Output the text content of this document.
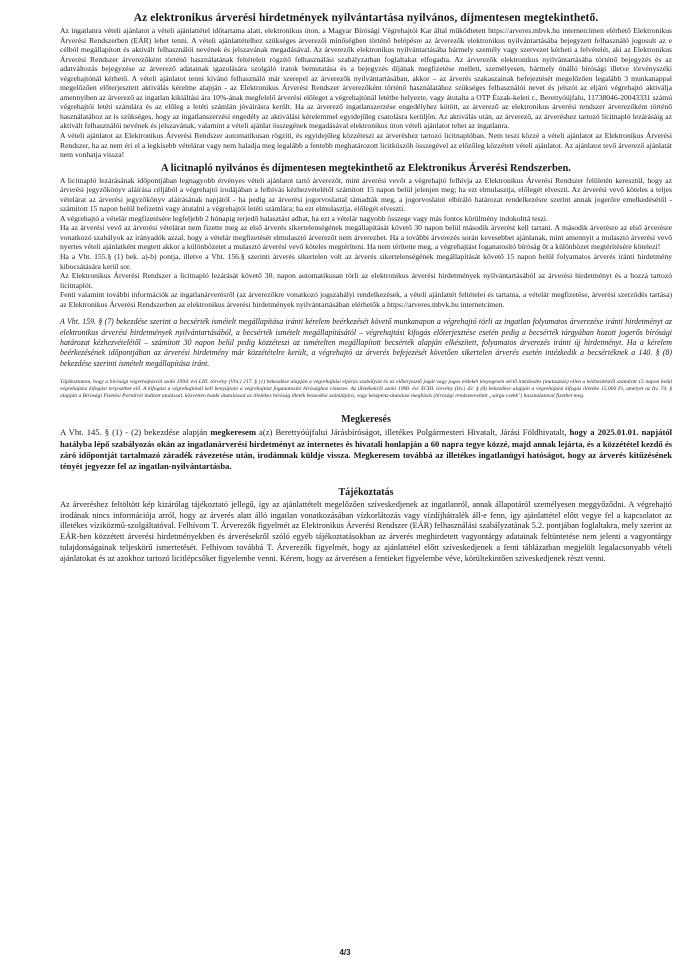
Az elektronikus árverési hirdetmények nyilvántartása nyilvános, díjmentesen megtekinthető.

Az ingatlanra vételi ajánlatot a vételi ajánlattétel időtartama alatt, elektronikus úton, a Magyar Bírósági Végrehajtói Kar által működtetett https://arveres.mbvk.hu internetcímen elérhető Elektronikus Árverési Rendszerben (EÁR) lehet tenni. A vételi ajánlattételhez szükséges árverezői minőségben történő belépésre az árverezők elektronikus nyilvántartásába bejegyzett felhasználó jogosult az e célból megállapított és aktivált felhasználói nevének és jelszavának megadásával. Az árverezők elektronikus nyilvántartásába bármely személy vagy szervezet kérheti a felvételét, aki az Elektronikus Árverési Rendszer árverezőként történő használatának feltételeit rögzítő felhasználási szabályzatban foglaltakat elfogadta. Az árverezők elektronikus nyilvántartásába történő bejegyzés és az adatváltozás bejegyzése az árverező adatainak igazolására szolgáló iratok bemutatása és a bejegyzés díjának megfizetése mellett, személyesen, bármely önálló bírósági illetve törvényszéki végrehajtónál kérhető. A vételi ajánlatot tenni kívánó felhasználó már szerepel az árverezők nyilvántartásában, akkor – az árverés szakaszainak befejeztését megelőzően legalább 3 munkanappal megelőzően előterjesztett aktiválás kérelme alapján - az Elektronikus Árverési Rendszer árverezőként történő használatához szükséges felhasználói nevet és jelszót az eljáró végrehajtó aktiválja amennyiben az árverező az ingatlan kikiáltási ára 10%-ának megfelelő árverési előleget a végrehajtónál letétbe helyezte, vagy átutalta a OTP Észak-keleti r., Berettyóújfalu, 11738046-20043331 számú végrehajtói letéti számlára és az előleg a letéti számlán jóváírásra került. Ha az árverező ingatlanszerzése engedélyhez kötött, az árverező az elektronikus árverési rendszer árverezőként történő használatához az is szükséges, hogy az ingatlanszerzési engedély az aktiválási kérelemmel egyidejűleg csatolásra kerüljön. Az aktiválás után, az árverező, az árveréshez tartozó licitnapló lezárásáig az aktivált felhasználói nevének és jelszavának, valamint a vételi ajánlat összegének megadásával elektronikus úton vételi ajánlatot tehet az ingatlanra.

A vételi ajánlatot az Elektronikus Árverési Rendszer automatikusan rögzíti, és egyidejűleg közzéteszi az árveréshez tartozó licitnaplóban. Nem teszi közzé a vételi ajánlatot az Elektronikus Árverési Rendszer, ha az nem éri el a legkisebb vételárat vagy nem haladja meg legalább a fentebb meghatározott licitküszöb összegével az előzőleg közzétett vételi ajánlatot. Az ajánlatot tevő árverező ajánlatát nem vonhatja vissza!

A licitnapló nyilvános és díjmentesen megtekinthető az Elektronikus Árverési Rendszerben.

A licitnapló lezárásának időpontjában legnagyobb érvényes vételi ajánlatot tartó árverezőt, mint árverési vevőt a végrehajtó felhívja az Elektronikus Árverési Rendszer felületén keresztül, hogy az árverési jegyzőkönyv aláírása céljából a végrehajtó irodájában a felhívás kézhezvételétől számított 15 napon belül jelenjen meg; ha ezt elmulasztja, előlegét elveszti. Az árverési vevő köteles a teljes vételárat az árverési jegyzőkönyv aláírásának napjától - ha pedig az árverési jogorvoslattal támadták meg, a jogorvoslatot elbíráló határozat rendelkezésre szerint annak jogerőre emelkedésétől - számított 15 napon belül befizetni vagy átutalni a végrehajtói letéti számlára; ha ezt elmulasztja, előlegét elveszti.

A végrehajtó a vételár megfizetésére legfeljebb 2 hónapig terjedő halasztást adhat, ha ezt a vételár nagyobb összege vagy más fontos körülmény indokolttá teszi.

Ha az árverési vevő az árverési vételárat nem fizette meg az első árverés sikertelenségének megállapítását követő 30 napon belül második árverést kell tartani. A második árverésre az első árverésre vonatkozó szabályok az irányadók azzal, hogy a vételár megfizetését elmulasztó árverezőt nem árverezhet. Ha a további árverezés során kevesebbet ajánlanak, mint amennyit a mulasztó árverési vevő nyertes vételi ajánlatként megtett akkor a különbözetet a mulasztó árverési vevő köteles megtéríteni. Ha nem térítette meg, a végrehajtást foganatosító bíróság őt a különbözet megtérítésére kötelezi!

Ha a Vht. 155.§ (1) bek. a)-b) pontja, illetve a Vht. 156.§ szerinti árverés sikertelen volt az árverés sikertelenségének megállapítását követő 15 napon belül folyamatos árverés iránti hirdetmény kibocsátására kerül sor.

Az Elektronikus Árverési Rendszer a licitnapló lezárását követő 30. napon automatikusan törli az elektronikus árverési hirdetmények nyilvántartásából az árverési hirdetményt és a hozzá tartozó licitnaplót.

Fenti valamint további információk az ingatlanárverésről (az árverezőkre vonatkozó jogszabályi rendelkezések, a vételi ajánlattét feltételei és tartama, a vételár megfizetése, árverési szerződés tartása) az Elektronikus Árverési Rendszerben az elektronikus árverési hirdetmények nyilvántartásában elérhetők a https://arveres.mbvk.hu internetcímen.

A Vht. 159. § (7) bekezdése szerint a becsérték ismételt megállapítása iránti kérelem beérkezését követő munkanapon a végrehajtó törli az ingatlan folyamatos árverezése iránti hirdetményt az elektronikus árverési hirdetmények nyilvántartásából, a becsérték ismételt megállapításától – végrehajtási kifogás előterjesztése esetén pedig a becsérték tárgyában hozott jogerős bírósági határozat kézhezvételétől – számított 30 napon belül pedig közzéteszi az ismételten megállapított becsérték alapján elkészített, folyamatos árverezés iránti új hirdetményt. Ha a kérelem beérkezésének időpontjában az árverési hirdetmény már közzétételre került, a végrehajtó az árverés befejezését követően sikertelen árverés esetén intézkedik a becsértéknek a 140. § (8) bekezdése szerinti ismételt megállapítása iránt.

Tájékoztatom, hogy a bírósági végrehajtásról szóló 1994. évi LIII. törvény (Vht.) 217. § (1) bekezdése alapján a végrehajtási eljárás szabályait és az előterjesztő jogát vagy jogos érdekét lényegesen sértő intézkedés (mulasztás) ellen a kézbesítéstől számított 15 napon belül végrehajtási kifogást terjeszthet elő. A kifogást a végrehajtónál kell benyújtani a végrehajtást foganatosító bírósághoz címezve. Az illetékekről szóló 1990. évi XCIII. törvény (Itv.) 43. § (8) bekezdése alapján a végrehajtási kifogás illetéke 15.000 Ft, amelyet az Itv. 74. § alapján a Bírósági Fizetési Portálról indított utalással, közvetlen banki átutalással az illetékes bíróság illeték beszedési számlájára, vagy készpénz-átutalási megbízás (bírósági rendszeresített „sárga csekk") használatával fizethet meg.

Megkeresés

A Vht. 145. § (1) - (2) bekezdése alapján megkeresem a(z) Berettyóújfalui Járásbíróságot, illetékes Polgármesteri Hivatalt, Járási Földhivatalt, hogy a 2025.01.01. napjától hatályba lépő szabályozás okán az ingatlanárverési hirdetményt az internetes és hivatali honlapján a 60 napra tegye közzé, majd annak lejárta, és a közzététel kezdő és záró időpontját tartalmazó záradék rávezetése után, irodámnak küldje vissza. Megkeresem továbbá az illetékes ingatlanügyi hatóságot, hogy az árverés kitűzésének tényét jegyezze fel az ingatlan-nyilvántartásba.

Tájékoztatás

Az árveréshez feltöltött kép kizárólag tájékoztató jellegű, így az ajánlattételt megelőzően szíveskedjenek az ingatlanról, annak állapotáról személyesen meggyőződni. A végrehajtó irodának nincs információja arról, hogy az árverés alatt álló ingatlan vonatkozásában vízkorlátozás vagy vízdíjhátralék áll-e fenn, így ajánlattétel előtt vegye fel a kapcsolatot az illetékes víziközmű-szolgáltatóval. Felhívom T. Árverezők figyelmét az Elektronikus Árverési Rendszer (EÁR) felhasználási szabályzatának 5.2. pontjában foglaltakra, mely szerint az EÁR-ben közzétett árverési hirdetményekben és árverésekről szóló egyéb tájékoztatásokban az árverés meghirdetett vagyontárgy adatainak feltüntetése nem jelenti a vagyontárgy tulajdonságainak teljeskörű ismertetését. Felhívom továbbá T. Árverezők figyelmét, hogy az ajánlattétel előtt szíveskedjenek a fenti táblázatban megjelölt legalacsonyabb vételi ajánlatokat és az azokhoz tartozó licitlépcsőket figyelembe venni. Kérem, hogy az árverésen a fentieket figyelembe véve, körültekintően szíveskedjenek részt venni.

4/3
